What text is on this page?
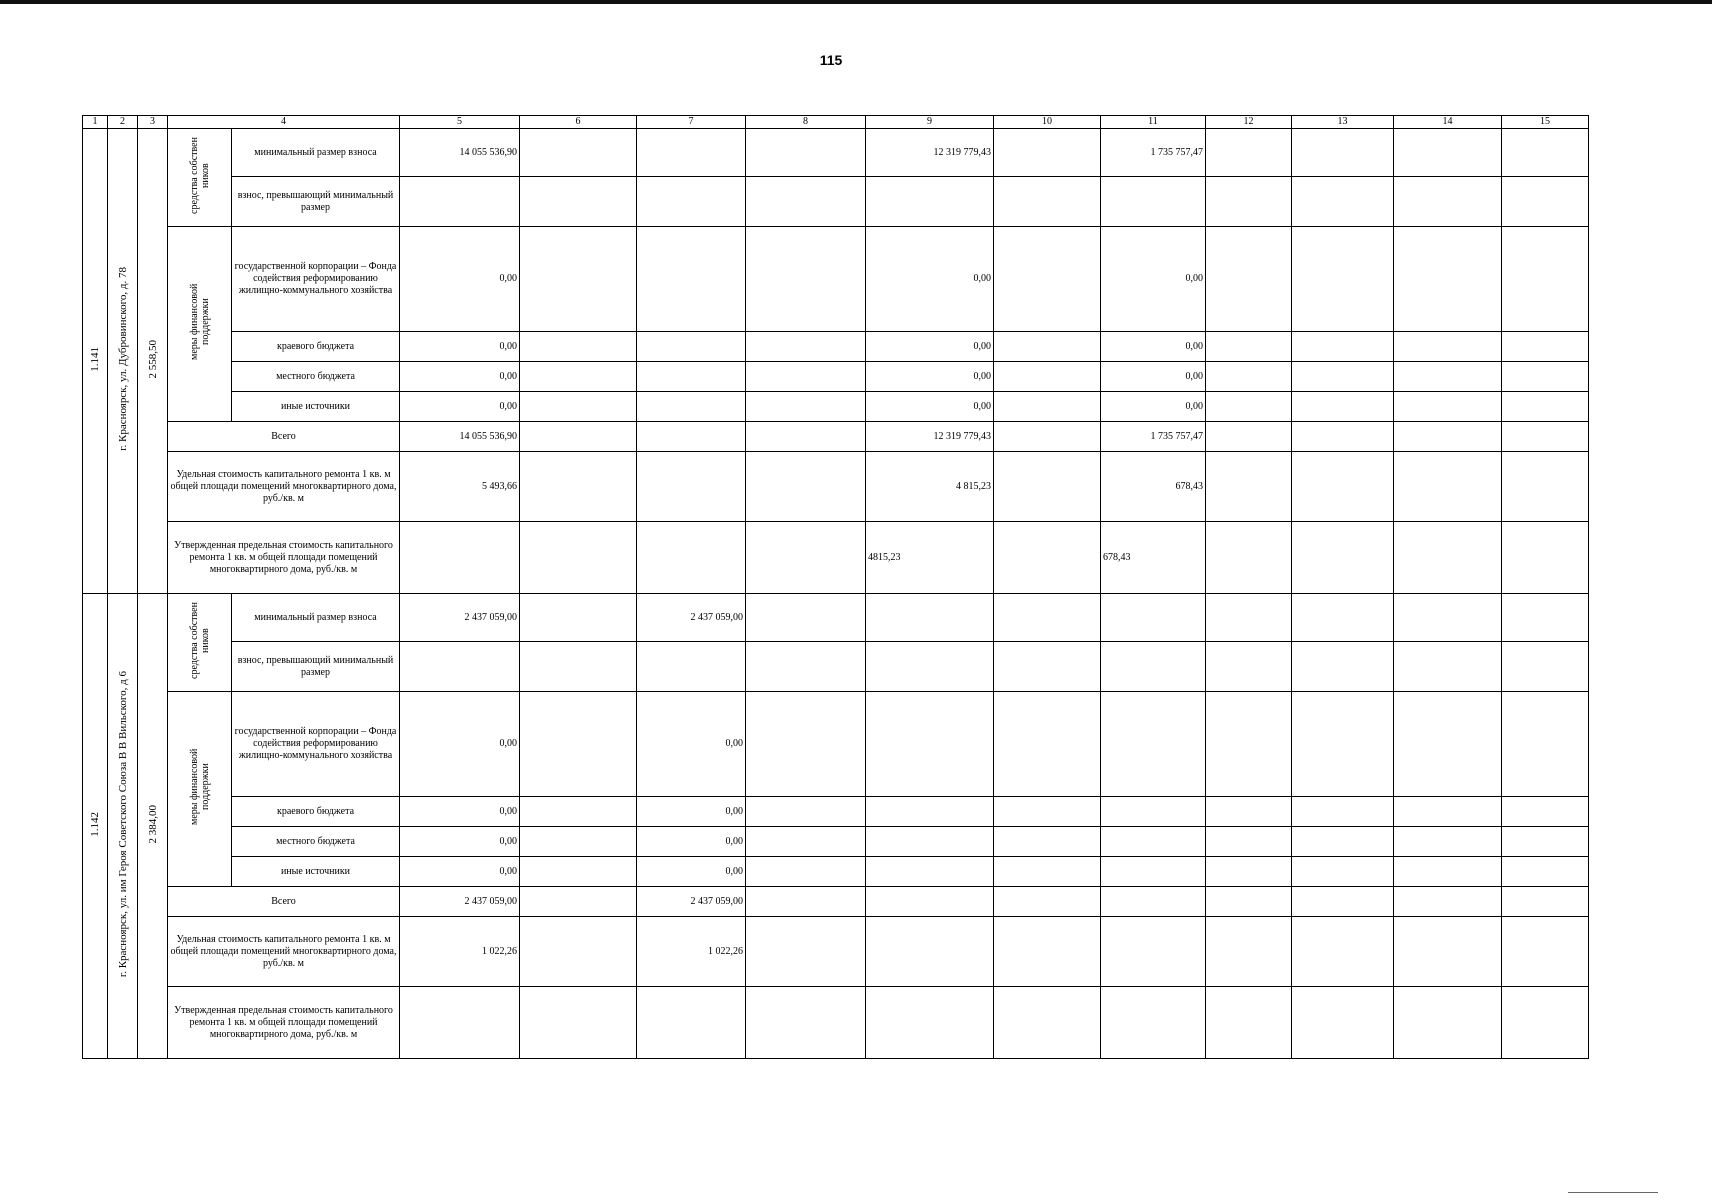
115
1	2	3	4		5	6	7	8	9	10	11	12	13	14	15
1.141	г. Красноярск, ул. Дубровинского, д. 78	2 558,50	средства собствен ников	минимальный размер взноса	14 055 536,90				12 319 779,43		1 735 757,47				
				взнос, превышающий минимальный размер											
			меры финансовой поддержки	государственной корпорации – Фонда содействия реформированию жилищно-коммунального хозяйства	0,00				0,00		0,00				
				краевого бюджета	0,00				0,00		0,00				
				местного бюджета	0,00				0,00		0,00				
				иные источники	0,00				0,00		0,00				
			Всего		14 055 536,90				12 319 779,43		1 735 757,47				
			Удельная стоимость капитального ремонта 1 кв. м общей площади помещений многоквартирного дома, руб./кв. м		5 493,66				4 815,23		678,43				
			Утвержденная предельная стоимость капитального ремонта 1 кв. м общей площади помещений многоквартирного дома, руб./кв. м						4815,23		678,43				
1.142	г. Красноярск, ул. им Героя Советского Союза В В Вильского, д 6	2 384,00	средства собствен ников	минимальный размер взноса	2 437 059,00		2 437 059,00								
				взнос, превышающий минимальный размер											
			меры финансовой поддержки	государственной корпорации – Фонда содействия реформированию жилищно-коммунального хозяйства	0,00		0,00								
				краевого бюджета	0,00		0,00								
				местного бюджета	0,00		0,00								
				иные источники	0,00		0,00								
			Всего		2 437 059,00		2 437 059,00								
			Удельная стоимость капитального ремонта 1 кв. м общей площади помещений многоквартирного дома, руб./кв. м		1 022,26		1 022,26								
			Утвержденная предельная стоимость капитального ремонта 1 кв. м общей площади помещений многоквартирного дома, руб./кв. м												
